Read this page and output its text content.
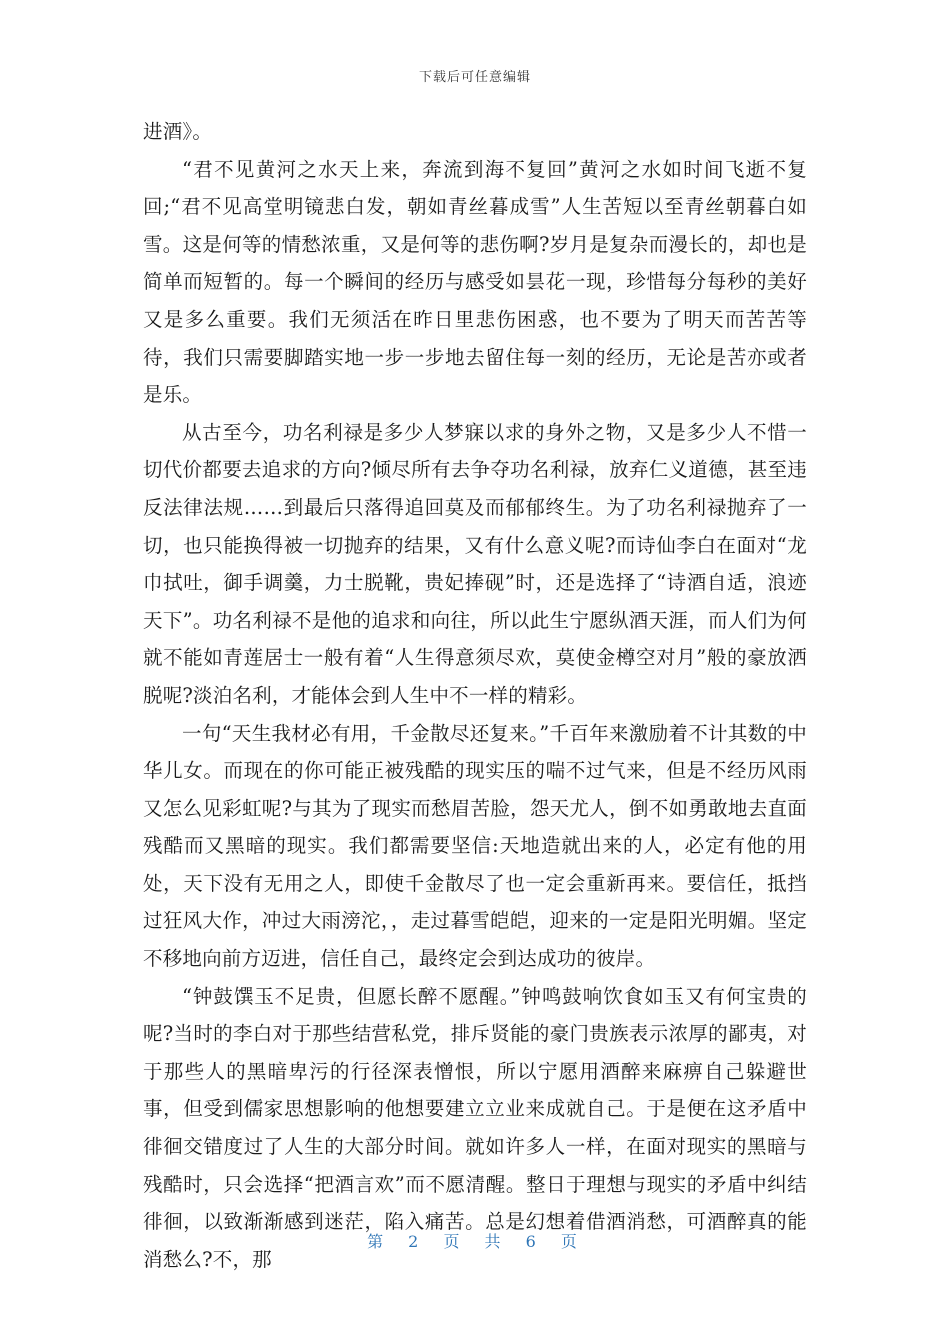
下载后可任意编辑

进酒》。

“君不见黄河之水天上来，奔流到海不复回”黄河之水如时间飞逝不复回;“君不见高堂明镜悲白发，朝如青丝暮成雪”人生苦短以至青丝朝暮白如雪。这是何等的情愁浓重，又是何等的悲伤啊?岁月是复杂而漫长的，却也是简单而短暂的。每一个瞬间的经历与感受如昙花一现，珍惜每分每秒的美好又是多么重要。我们无须活在昨日里悲伤困惑，也不要为了明天而苦苦等待，我们只需要脚踏实地一步一步地去留住每一刻的经历，无论是苦亦或者是乐。

从古至今，功名利禄是多少人梦寐以求的身外之物，又是多少人不惜一切代价都要去追求的方向?倾尽所有去争夺功名利禄，放弃仁义道德，甚至违反法律法规……到最后只落得追回莫及而郁郁终生。为了功名利禄抛弃了一切，也只能换得被一切抛弃的结果，又有什么意义呢?而诗仙李白在面对“龙巾拭吐，御手调羹，力士脱靴，贵妃捧砚”时，还是选择了“诗酒自适，浪迹天下”。功名利禄不是他的追求和向往，所以此生宁愿纵酒天涯，而人们为何就不能如青莲居士一般有着“人生得意须尽欢，莫使金樽空对月”般的豪放洒脱呢?淡泊名利，才能体会到人生中不一样的精彩。

一句“天生我材必有用，千金散尽还复来。”千百年来激励着不计其数的中华儿女。而现在的你可能正被残酷的现实压的喘不过气来，但是不经历风雨又怎么见彩虹呢?与其为了现实而愁眉苦脸，怨天尤人，倒不如勇敢地去直面残酷而又黑暗的现实。我们都需要坚信:天地造就出来的人，必定有他的用处，天下没有无用之人，即使千金散尽了也一定会重新再来。要信任，抵挡过狂风大作，冲过大雨滂沱，，走过暮雪皑皑，迎来的一定是阳光明媚。坚定不移地向前方迈进，信任自己，最终定会到达成功的彼岸。

“钟鼓馔玉不足贵，但愿长醉不愿醒。”钟鸣鼓响饮食如玉又有何宝贵的呢?当时的李白对于那些结营私党，排斥贤能的豪门贵族表示浓厚的鄙夷，对于那些人的黑暗卑污的行径深表憎恨，所以宁愿用酒醉来麻痹自己躲避世事，但受到儒家思想影响的他想要建立立业来成就自己。于是便在这矛盾中徘徊交错度过了人生的大部分时间。就如许多人一样，在面对现实的黑暗与残酷时，只会选择“把酒言欢”而不愿清醒。整日于理想与现实的矛盾中纠结徘徊，以致渐渐感到迷茫，陷入痛苦。总是幻想着借酒消愁，可酒醉真的能消愁么?不，那

第 2 页 共 6 页
